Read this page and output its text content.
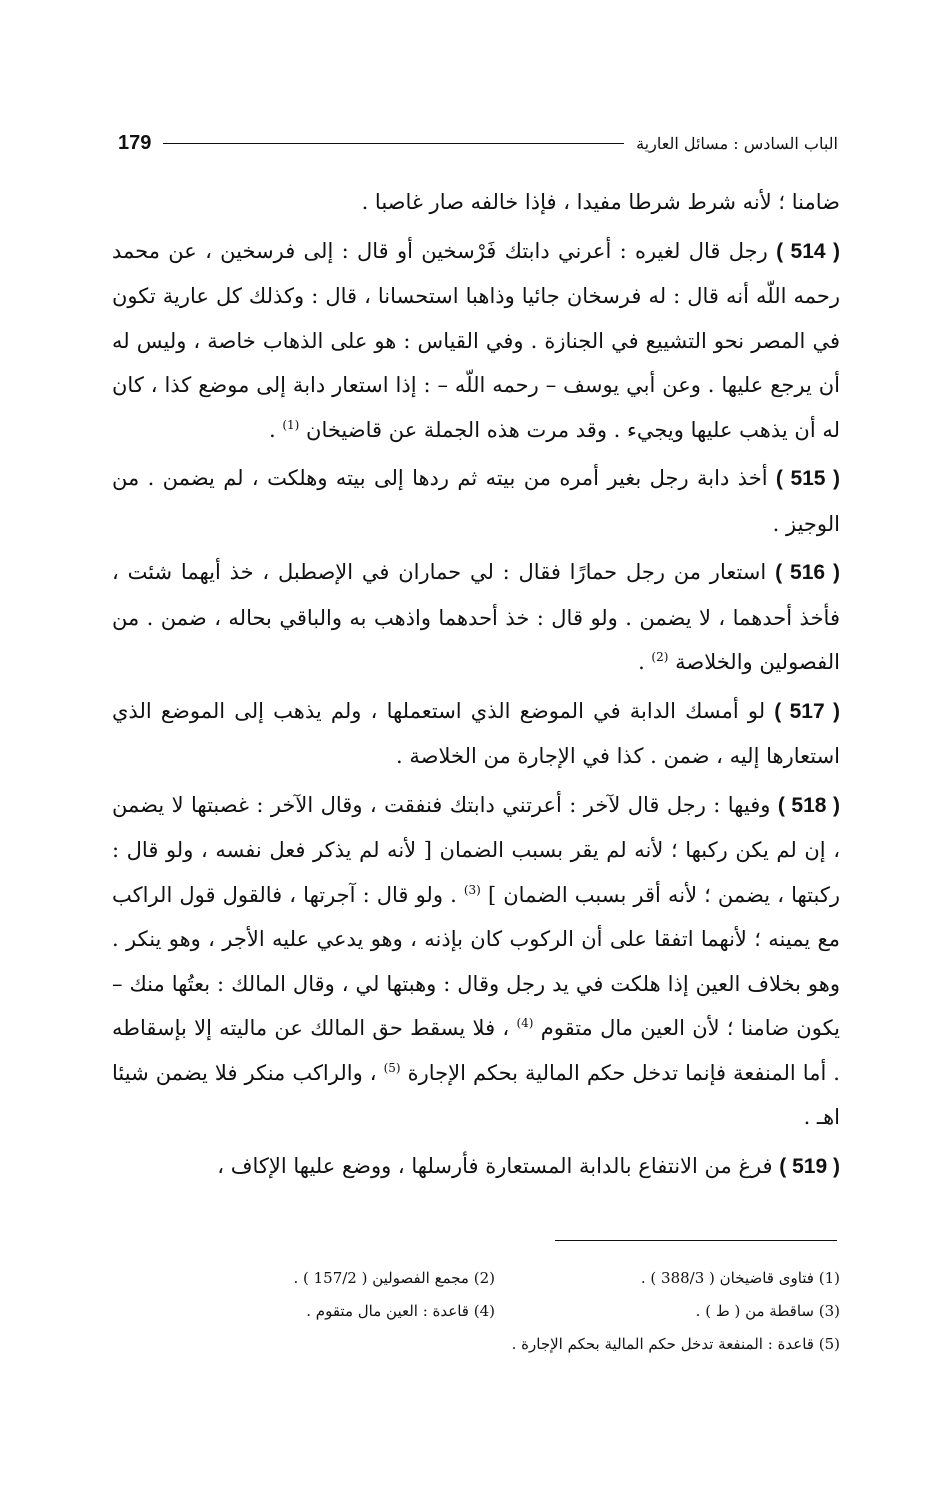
179	الباب السادس : مسائل العارية

ضامنا ؛ لأنه شرط شرطا مفيدا ، فإذا خالفه صار غاصبا .

( 514 ) رجل قال لغيره : أعرني دابتك فَرْسخين أو قال : إلى فرسخين ، عن محمد رحمه اللّه أنه قال : له فرسخان جائيا وذاهبا استحسانا ، قال : وكذلك كل عارية تكون في المصر نحو التشييع في الجنازة . وفي القياس : هو على الذهاب خاصة ، وليس له أن يرجع عليها . وعن أبي يوسف – رحمه اللّه – : إذا استعار دابة إلى موضع كذا ، كان له أن يذهب عليها ويجيء . وقد مرت هذه الجملة عن قاضيخان $^{(1)}$ .

( 515 ) أخذ دابة رجل بغير أمره من بيته ثم ردها إلى بيته وهلكت ، لم يضمن . من الوجيز .

( 516 ) استعار من رجل حمارًا فقال : لي حماران في الإصطبل ، خذ أيهما شئت ، فأخذ أحدهما ، لا يضمن . ولو قال : خذ أحدهما واذهب به والباقي بحاله ، ضمن . من الفصولين والخلاصة $^{(2)}$ .

( 517 ) لو أمسك الدابة في الموضع الذي استعملها ، ولم يذهب إلى الموضع الذي استعارها إليه ، ضمن . كذا في الإجارة من الخلاصة .

( 518 ) وفيها : رجل قال لآخر : أعرتني دابتك فنفقت ، وقال الآخر : غصبتها لا يضمن ، إن لم يكن ركبها ؛ لأنه لم يقر بسبب الضمان [ لأنه لم يذكر فعل نفسه ، ولو قال : ركبتها ، يضمن ؛ لأنه أقر بسبب الضمان ] $^{(3)}$ . ولو قال : آجرتها ، فالقول قول الراكب مع يمينه ؛ لأنهما اتفقا على أن الركوب كان بإذنه ، وهو يدعي عليه الأجر ، وهو ينكر . وهو بخلاف العين إذا هلكت في يد رجل وقال : وهبتها لي ، وقال المالك : بعتُها منك – يكون ضامنا ؛ لأن العين مال متقوم $^{(4)}$ ، فلا يسقط حق المالك عن ماليته إلا بإسقاطه . أما المنفعة فإنما تدخل حكم المالية بحكم الإجارة $^{(5)}$ ، والراكب منكر فلا يضمن شيئا اهـ .

( 519 ) فرغ من الانتفاع بالدابة المستعارة فأرسلها ، ووضع عليها الإكاف ،

(1) فتاوى قاضيخان ( 388/3 ) .
(2) مجمع الفصولين ( 157/2 ) .
(3) ساقطة من ( ط ) .
(4) قاعدة : العين مال متقوم .
(5) قاعدة : المنفعة تدخل حكم المالية بحكم الإجارة .
